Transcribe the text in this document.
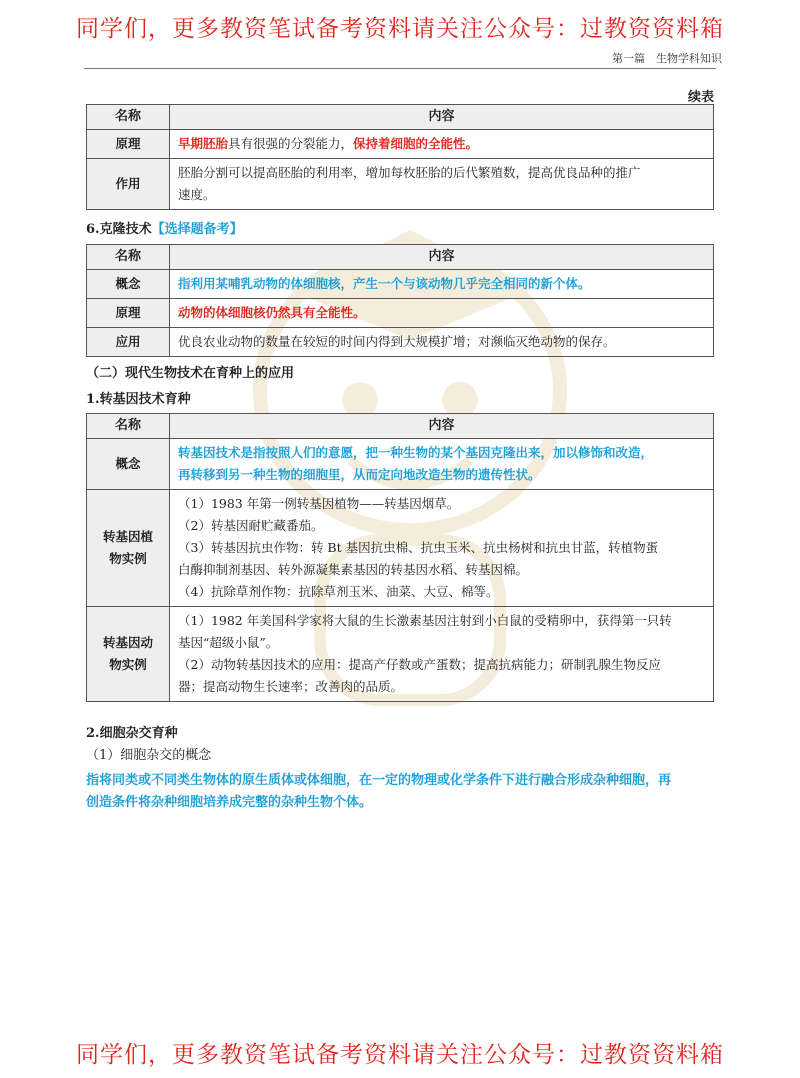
同学们，更多教资笔试备考资料请关注公众号：过教资资料箱
第一篇　生物学科知识
续表
名称	内容
原理	早期胚胎具有很强的分裂能力，保持着细胞的全能性。
作用	胚胎分割可以提高胚胎的利用率，增加每枚胚胎的后代繁殖数，提高优良品种的推广
速度。
6.克隆技术【选择题备考】
名称	内容
概念	指利用某哺乳动物的体细胞核，产生一个与该动物几乎完全相同的新个体。
原理	动物的体细胞核仍然具有全能性。
应用	优良农业动物的数量在较短的时间内得到大规模扩增；对濒临灭绝动物的保存。
（二）现代生物技术在育种上的应用
1.转基因技术育种
名称	内容
概念	转基因技术是指按照人们的意愿，把一种生物的某个基因克隆出来，加以修饰和改造，
再转移到另一种生物的细胞里，从而定向地改造生物的遗传性状。

转基因植
物实例	（1）1983 年第一例转基因植物——转基因烟草。
（2）转基因耐贮藏番茄。
（3）转基因抗虫作物：转 Bt 基因抗虫棉、抗虫玉米、抗虫杨树和抗虫甘蓝，转植物蛋
白酶抑制剂基因、转外源凝集素基因的转基因水稻、转基因棉。
（4）抗除草剂作物：抗除草剂玉米、油菜、大豆、棉等。

转基因动
物实例	（1）1982 年美国科学家将大鼠的生长激素基因注射到小白鼠的受精卵中，获得第一只转
基因“超级小鼠”。
（2）动物转基因技术的应用：提高产仔数或产蛋数；提高抗病能力；研制乳腺生物反应
器；提高动物生长速率；改善肉的品质。
2.细胞杂交育种
（1）细胞杂交的概念
指将同类或不同类生物体的原生质体或体细胞，在一定的物理或化学条件下进行融合形成杂种细胞，再
创造条件将杂种细胞培养成完整的杂种生物个体。
同学们，更多教资笔试备考资料请关注公众号：过教资资料箱
